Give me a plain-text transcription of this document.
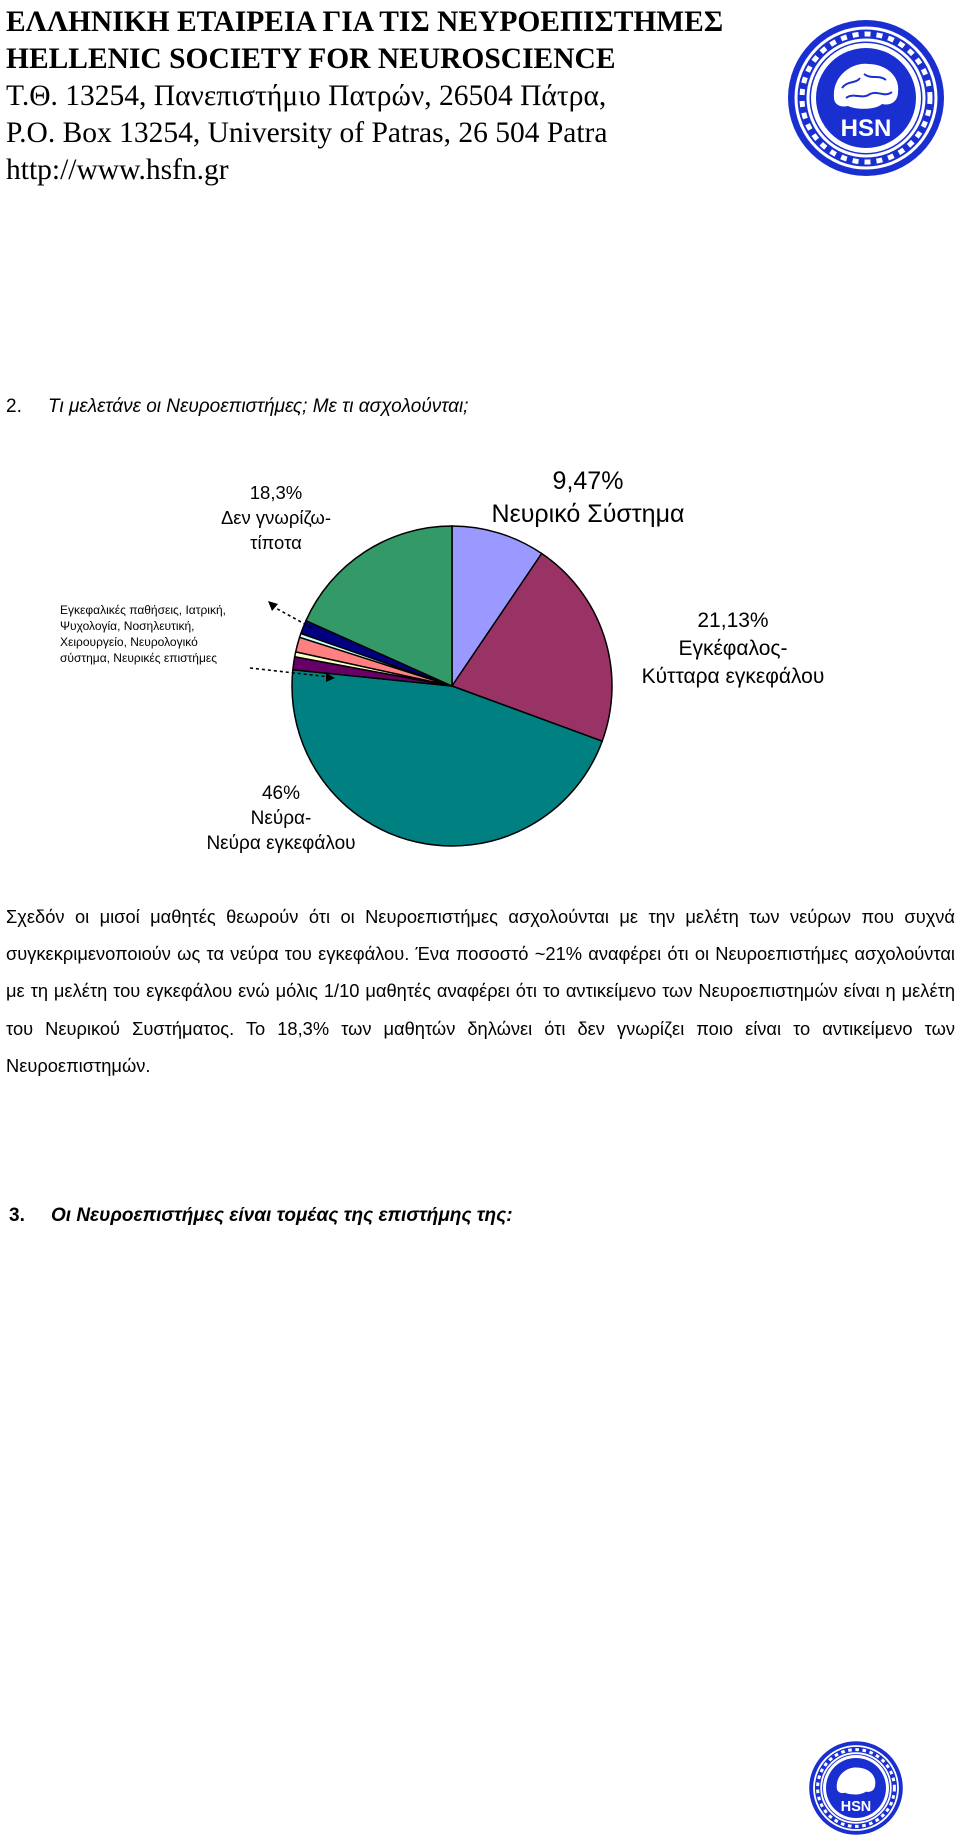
ΕΛΛΗΝΙΚΗ ΕΤΑΙΡΕΙΑ ΓΙΑ ΤΙΣ ΝΕΥΡΟΕΠΙΣΤΗΜΕΣ
HELLENIC SOCIETY FOR NEUROSCIENCE
Τ.Θ. 13254, Πανεπιστήμιο Πατρών, 26504 Πάτρα,
P.O. Box 13254, University of Patras, 26 504 Patra
http://www.hsfn.gr
HSN
2. Τι μελετάνε οι Νευροεπιστήμες; Με τι ασχολούνται;
18,3%
Δεν γνωρίζω-
τίποτα
9,47%
Νευρικό Σύστημα
21,13%
Εγκέφαλος-
Κύτταρα εγκεφάλου
46%
Νεύρα-
Νεύρα εγκεφάλου
Εγκεφαλικές παθήσεις, Ιατρική,
Ψυχολογία, Νοσηλευτική,
Χειρουργείο, Νευρολογικό
σύστημα, Νευρικές επιστήμες
Σχεδόν οι μισοί μαθητές θεωρούν ότι οι Νευροεπιστήμες ασχολούνται με την μελέτη των νεύρων που συχνά συγκεκριμενοποιούν ως τα νεύρα του εγκεφάλου. Ένα ποσοστό ~21% αναφέρει ότι οι Νευροεπιστήμες ασχολούνται με τη μελέτη του εγκεφάλου ενώ μόλις 1/10 μαθητές αναφέρει ότι το αντικείμενο των Νευροεπιστημών είναι η μελέτη του Νευρικού Συστήματος. Το 18,3% των μαθητών δηλώνει ότι δεν γνωρίζει ποιο είναι το αντικείμενο των Νευροεπιστημών.
3. Οι Νευροεπιστήμες είναι τομέας της επιστήμης της:
HSN
